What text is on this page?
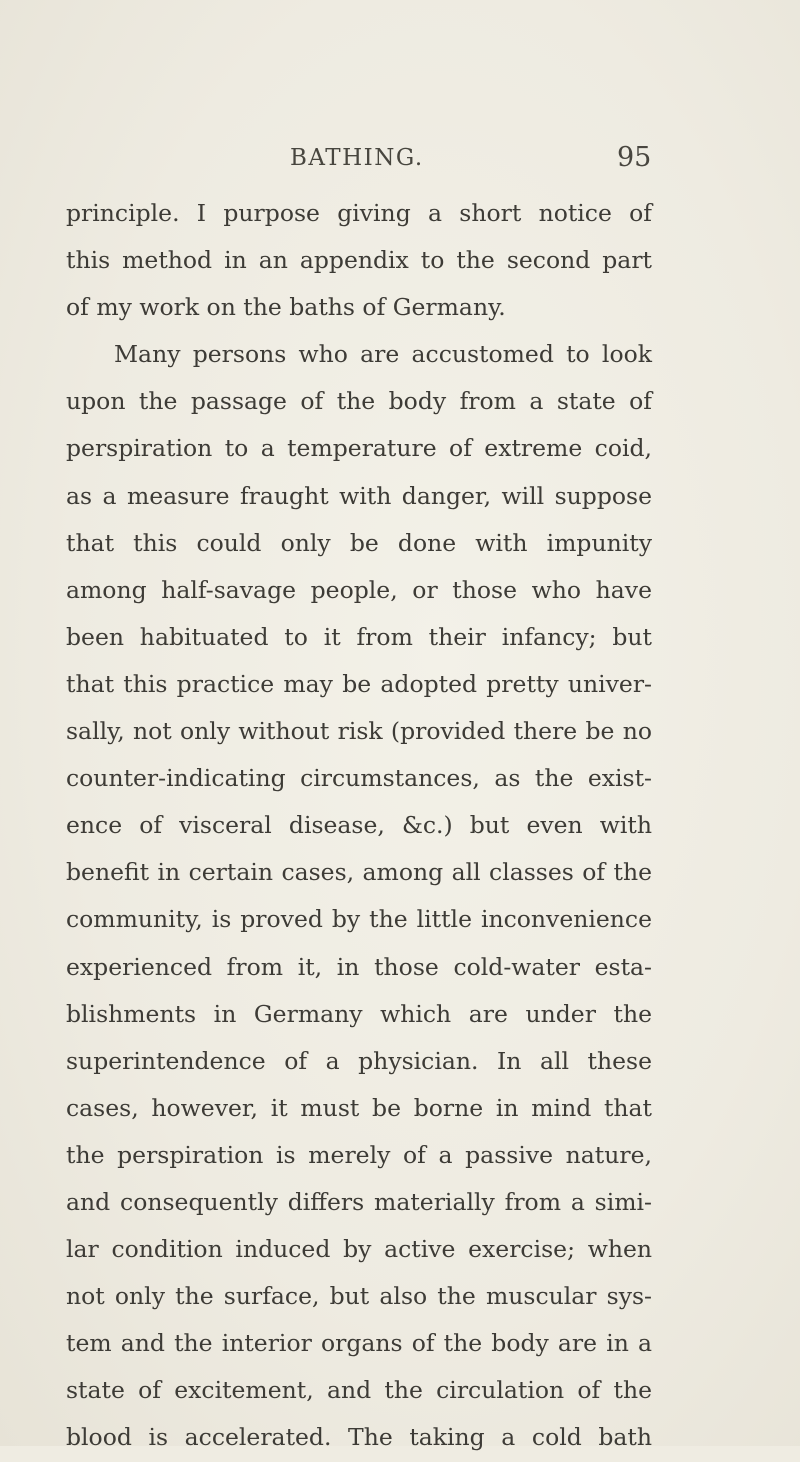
BATHING.	95
principle. I purpose giving a short notice of
this method in an appendix to the second part
of my work on the baths of Germany.
Many persons who are accustomed to look
upon the passage of the body from a state of
perspiration to a temperature of extreme coid,
as a measure fraught with danger, will suppose
that this could only be done with impunity
among half-savage people, or those who have
been habituated to it from their infancy; but
that this practice may be adopted pretty univer-
sally, not only without risk (provided there be no
counter-indicating circumstances, as the exist-
ence of visceral disease, &c.) but even with
benefit in certain cases, among all classes of the
community, is proved by the little inconvenience
experienced from it, in those cold-water esta-
blishments in Germany which are under the
superintendence of a physician. In all these
cases, however, it must be borne in mind that
the perspiration is merely of a passive nature,
and consequently differs materially from a simi-
lar condition induced by active exercise; when
not only the surface, but also the muscular sys-
tem and the interior organs of the body are in a
state of excitement, and the circulation of the
blood is accelerated. The taking a cold bath
